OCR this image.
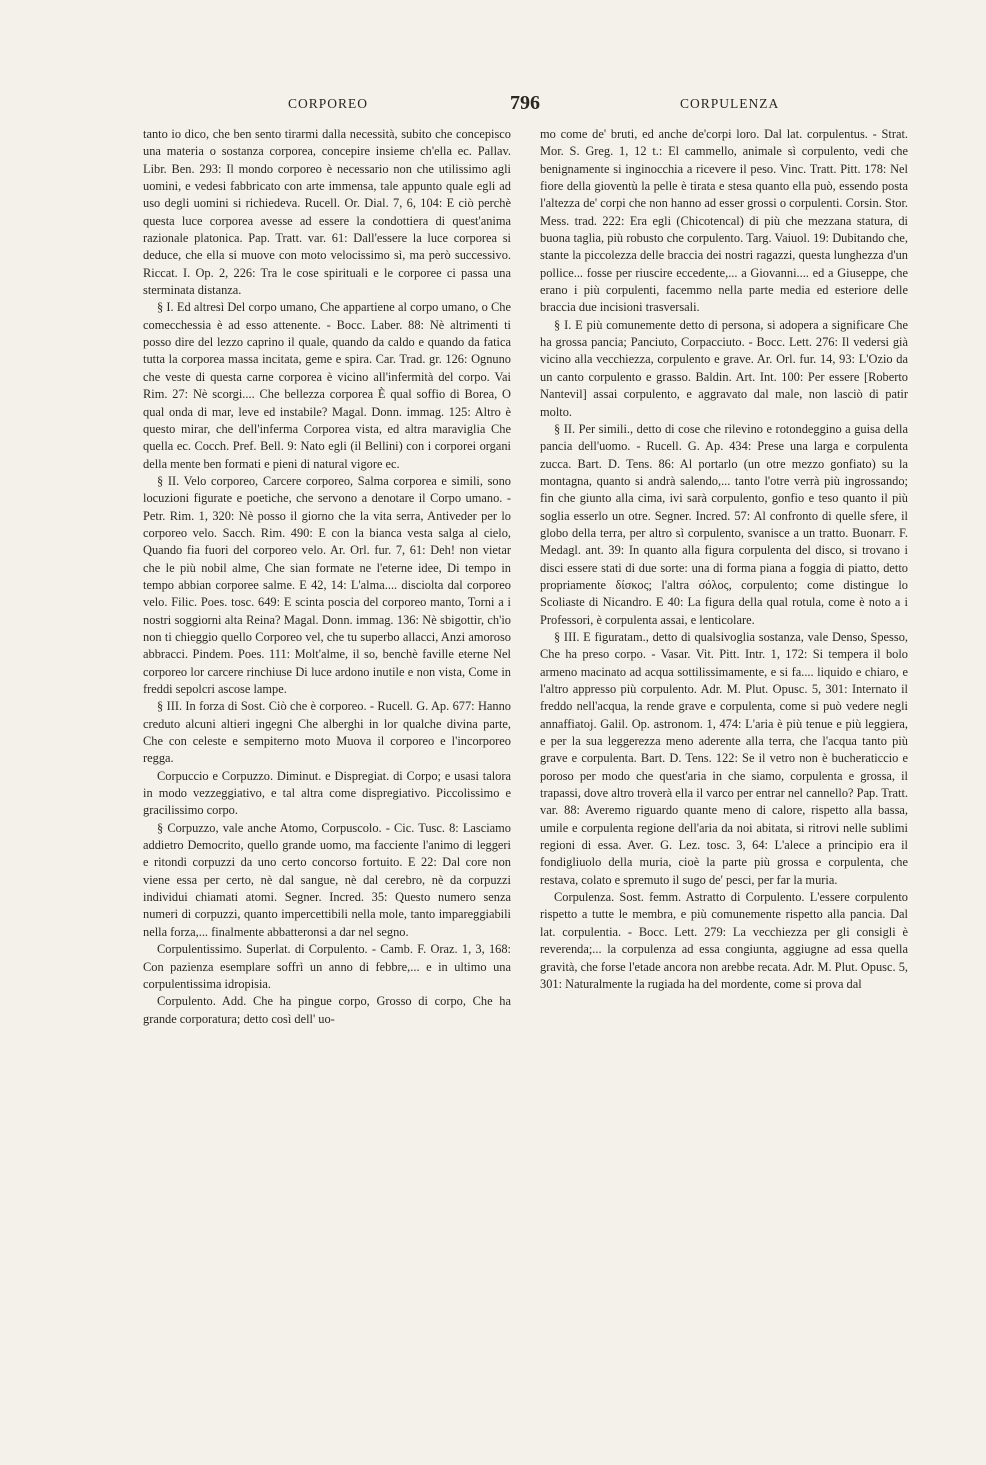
CORPOREO	796	CORPULENZA

tanto io dico, che ben sento tirarmi dalla necessità, subito che concepisco una materia o sostanza corporea, concepire insieme ch'ella ec. Pallav. Libr. Ben. 293: Il mondo corporeo è necessario non che utilissimo agli uomini, e vedesi fabbricato con arte immensa, tale appunto quale egli ad uso degli uomini si richiedeva. Rucell. Or. Dial. 7, 6, 104: E ciò perchè questa luce corporea avesse ad essere la condottiera di quest'anima razionale platonica. Pap. Tratt. var. 61: Dall'essere la luce corporea si deduce, che ella si muove con moto velocissimo sì, ma però successivo. Riccat. I. Op. 2, 226: Tra le cose spirituali e le corporee ci passa una sterminata distanza.

§ I. Ed altresì Del corpo umano, Che appartiene al corpo umano, o Che comecchessia è ad esso attenente. - Bocc. Laber. 88: Nè altrimenti ti posso dire del lezzo caprino il quale, quando da caldo e quando da fatica tutta la corporea massa incitata, geme e spira. Car. Trad. gr. 126: Ognuno che veste di questa carne corporea è vicino all'infermità del corpo. Vai Rim. 27: Nè scorgi.... Che bellezza corporea È qual soffio di Borea, O qual onda di mar, leve ed instabile? Magal. Donn. immag. 125: Altro è questo mirar, che dell'inferma Corporea vista, ed altra maraviglia Che quella ec. Cocch. Pref. Bell. 9: Nato egli (il Bellini) con i corporei organi della mente ben formati e pieni di natural vigore ec.

§ II. Velo corporeo, Carcere corporeo, Salma corporea e simili, sono locuzioni figurate e poetiche, che servono a denotare il Corpo umano. - Petr. Rim. 1, 320: Nè posso il giorno che la vita serra, Antiveder per lo corporeo velo. Sacch. Rim. 490: E con la bianca vesta salga al cielo, Quando fia fuori del corporeo velo. Ar. Orl. fur. 7, 61: Deh! non vietar che le più nobil alme, Che sian formate ne l'eterne idee, Di tempo in tempo abbian corporee salme. E 42, 14: L'alma.... disciolta dal corporeo velo. Filic. Poes. tosc. 649: E scinta poscia del corporeo manto, Torni a i nostri soggiorni alta Reina? Magal. Donn. immag. 136: Nè sbigottir, ch'io non ti chieggio quello Corporeo vel, che tu superbo allacci, Anzi amoroso abbracci. Pindem. Poes. 111: Molt'alme, il so, benchè faville eterne Nel corporeo lor carcere rinchiuse Di luce ardono inutile e non vista, Come in freddi sepolcri ascose lampe.

§ III. In forza di Sost. Ciò che è corporeo. - Rucell. G. Ap. 677: Hanno creduto alcuni altieri ingegni Che alberghi in lor qualche divina parte, Che con celeste e sempiterno moto Muova il corporeo e l'incorporeo regga.

Corpuccio e Corpuzzo. Diminut. e Dispregiat. di Corpo; e usasi talora in modo vezzeggiativo, e tal altra come dispregiativo. Piccolissimo e gracilissimo corpo.

§ Corpuzzo, vale anche Atomo, Corpuscolo. - Cic. Tusc. 8: Lasciamo addietro Democrito, quello grande uomo, ma facciente l'animo di leggeri e ritondi corpuzzi da uno certo concorso fortuito. E 22: Dal core non viene essa per certo, nè dal sangue, nè dal cerebro, nè da corpuzzi individui chiamati atomi. Segner. Incred. 35: Questo numero senza numeri di corpuzzi, quanto impercettibili nella mole, tanto impareggiabili nella forza,... finalmente abbatteronsi a dar nel segno.

Corpulentissimo. Superlat. di Corpulento. - Camb. F. Oraz. 1, 3, 168: Con pazienza esemplare soffrì un anno di febbre,... e in ultimo una corpulentissima idropisia.

Corpulento. Add. Che ha pingue corpo, Grosso di corpo, Che ha grande corporatura; detto così dell' uo-

mo come de' bruti, ed anche de'corpi loro. Dal lat. corpulentus. - Strat. Mor. S. Greg. 1, 12 t.: El cammello, animale sì corpulento, vedi che benignamente si inginocchia a ricevere il peso. Vinc. Tratt. Pitt. 178: Nel fiore della gioventù la pelle è tirata e stesa quanto ella può, essendo posta l'altezza de' corpi che non hanno ad esser grossi o corpulenti. Corsin. Stor. Mess. trad. 222: Era egli (Chicotencal) di più che mezzana statura, di buona taglia, più robusto che corpulento. Targ. Vaiuol. 19: Dubitando che, stante la piccolezza delle braccia dei nostri ragazzi, questa lunghezza d'un pollice... fosse per riuscire eccedente,... a Giovanni.... ed a Giuseppe, che erano i più corpulenti, facemmo nella parte media ed esteriore delle braccia due incisioni trasversali.

§ I. E più comunemente detto di persona, si adopera a significare Che ha grossa pancia; Panciuto, Corpacciuto. - Bocc. Lett. 276: Il vedersi già vicino alla vecchiezza, corpulento e grave. Ar. Orl. fur. 14, 93: L'Ozio da un canto corpulento e grasso. Baldin. Art. Int. 100: Per essere [Roberto Nantevil] assai corpulento, e aggravato dal male, non lasciò di patir molto.

§ II. Per simili., detto di cose che rilevino e rotondeggino a guisa della pancia dell'uomo. - Rucell. G. Ap. 434: Prese una larga e corpulenta zucca. Bart. D. Tens. 86: Al portarlo (un otre mezzo gonfiato) su la montagna, quanto si andrà salendo,... tanto l'otre verrà più ingrossando; fin che giunto alla cima, ivi sarà corpulento, gonfio e teso quanto il più soglia esserlo un otre. Segner. Incred. 57: Al confronto di quelle sfere, il globo della terra, per altro sì corpulento, svanisce a un tratto. Buonarr. F. Medagl. ant. 39: In quanto alla figura corpulenta del disco, si trovano i disci essere stati di due sorte: una di forma piana a foggia di piatto, detto propriamente δίσκος; l'altra σόλος, corpulento; come distingue lo Scoliaste di Nicandro. E 40: La figura della qual rotula, come è noto a i Professori, è corpulenta assai, e lenticolare.

§ III. E figuratam., detto di qualsivoglia sostanza, vale Denso, Spesso, Che ha preso corpo. - Vasar. Vit. Pitt. Intr. 1, 172: Si tempera il bolo armeno macinato ad acqua sottilissimamente, e si fa.... liquido e chiaro, e l'altro appresso più corpulento. Adr. M. Plut. Opusc. 5, 301: Internato il freddo nell'acqua, la rende grave e corpulenta, come si può vedere negli annaffiatoj. Galil. Op. astronom. 1, 474: L'aria è più tenue e più leggiera, e per la sua leggerezza meno aderente alla terra, che l'acqua tanto più grave e corpulenta. Bart. D. Tens. 122: Se il vetro non è bucheraticcio e poroso per modo che quest'aria in che siamo, corpulenta e grossa, il trapassi, dove altro troverà ella il varco per entrar nel cannello? Pap. Tratt. var. 88: Averemo riguardo quante meno di calore, rispetto alla bassa, umile e corpulenta regione dell'aria da noi abitata, si ritrovi nelle sublimi regioni di essa. Aver. G. Lez. tosc. 3, 64: L'alece a principio era il fondigliuolo della muria, cioè la parte più grossa e corpulenta, che restava, colato e spremuto il sugo de' pesci, per far la muria.

Corpulenza. Sost. femm. Astratto di Corpulento. L'essere corpulento rispetto a tutte le membra, e più comunemente rispetto alla pancia. Dal lat. corpulentia. - Bocc. Lett. 279: La vecchiezza per gli consigli è reverenda;... la corpulenza ad essa congiunta, aggiugne ad essa quella gravità, che forse l'etade ancora non arebbe recata. Adr. M. Plut. Opusc. 5, 301: Naturalmente la rugiada ha del mordente, come si prova dal
